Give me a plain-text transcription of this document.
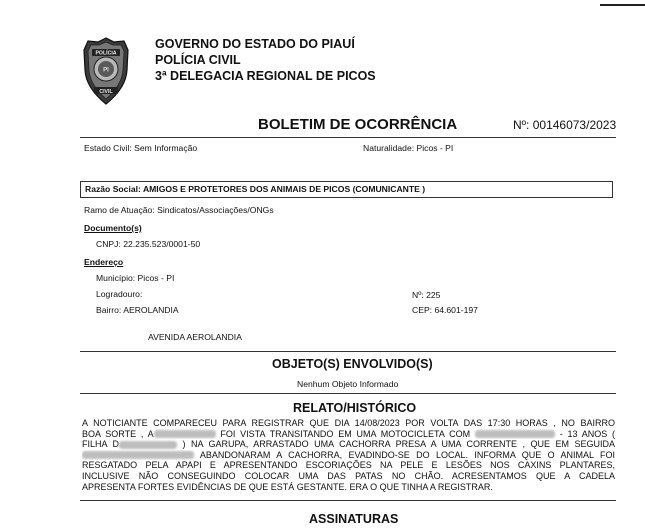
POLÍCIA
CIVIL
PI
GOVERNO DO ESTADO DO PIAUÍ
POLÍCIA CIVIL
3ª DELEGACIA REGIONAL DE PICOS
BOLETIM DE OCORRÊNCIA	Nº: 00146073/2023
Estado Civil: Sem Informação	Naturalidade: Picos - PI
Razão Social: AMIGOS E PROTETORES DOS ANIMAIS DE PICOS (COMUNICANTE )
Ramo de Atuação: Sindicatos/Associações/ONGs
Documento(s)
CNPJ: 22.235.523/0001-50
Endereço
Município: Picos - PI
Logradouro:
Bairro: AEROLANDIA
Nº: 225
CEP: 64.601-197
AVENIDA AEROLANDIA
OBJETO(S) ENVOLVIDO(S)
Nenhum Objeto Informado
RELATO/HISTÓRICO

A NOTICIANTE COMPARECEU PARA REGISTRAR QUE DIA 14/08/2023 POR VOLTA DAS 17:30 HORAS , NO BAIRRO

BOA SORTE , A	FOI VISTA TRANSITANDO EM UMA MOTOCICLETA COM	- 13 ANOS (

FILHA D	) NA GARUPA, ARRASTADO UMA CACHORRA PRESA A UMA CORRENTE , QUE EM SEGUIDA

ABANDONARAM A CACHORRA, EVADINDO-SE DO LOCAL. INFORMA QUE O ANIMAL FOI

RESGATADO PELA APAPI E APRESENTANDO ESCORIAÇÕES NA PELE E LESÕES NOS CAXINS PLANTARES,

INCLUSIVE NÃO CONSEGUINDO COLOCAR UMA DAS PATAS NO CHÃO. ACRESENTAMOS QUE A CADELA

APRESENTA FORTES EVIDÊNCIAS DE QUE ESTÁ GESTANTE. ERA O QUE TINHA A REGISTRAR.

ASSINATURAS
